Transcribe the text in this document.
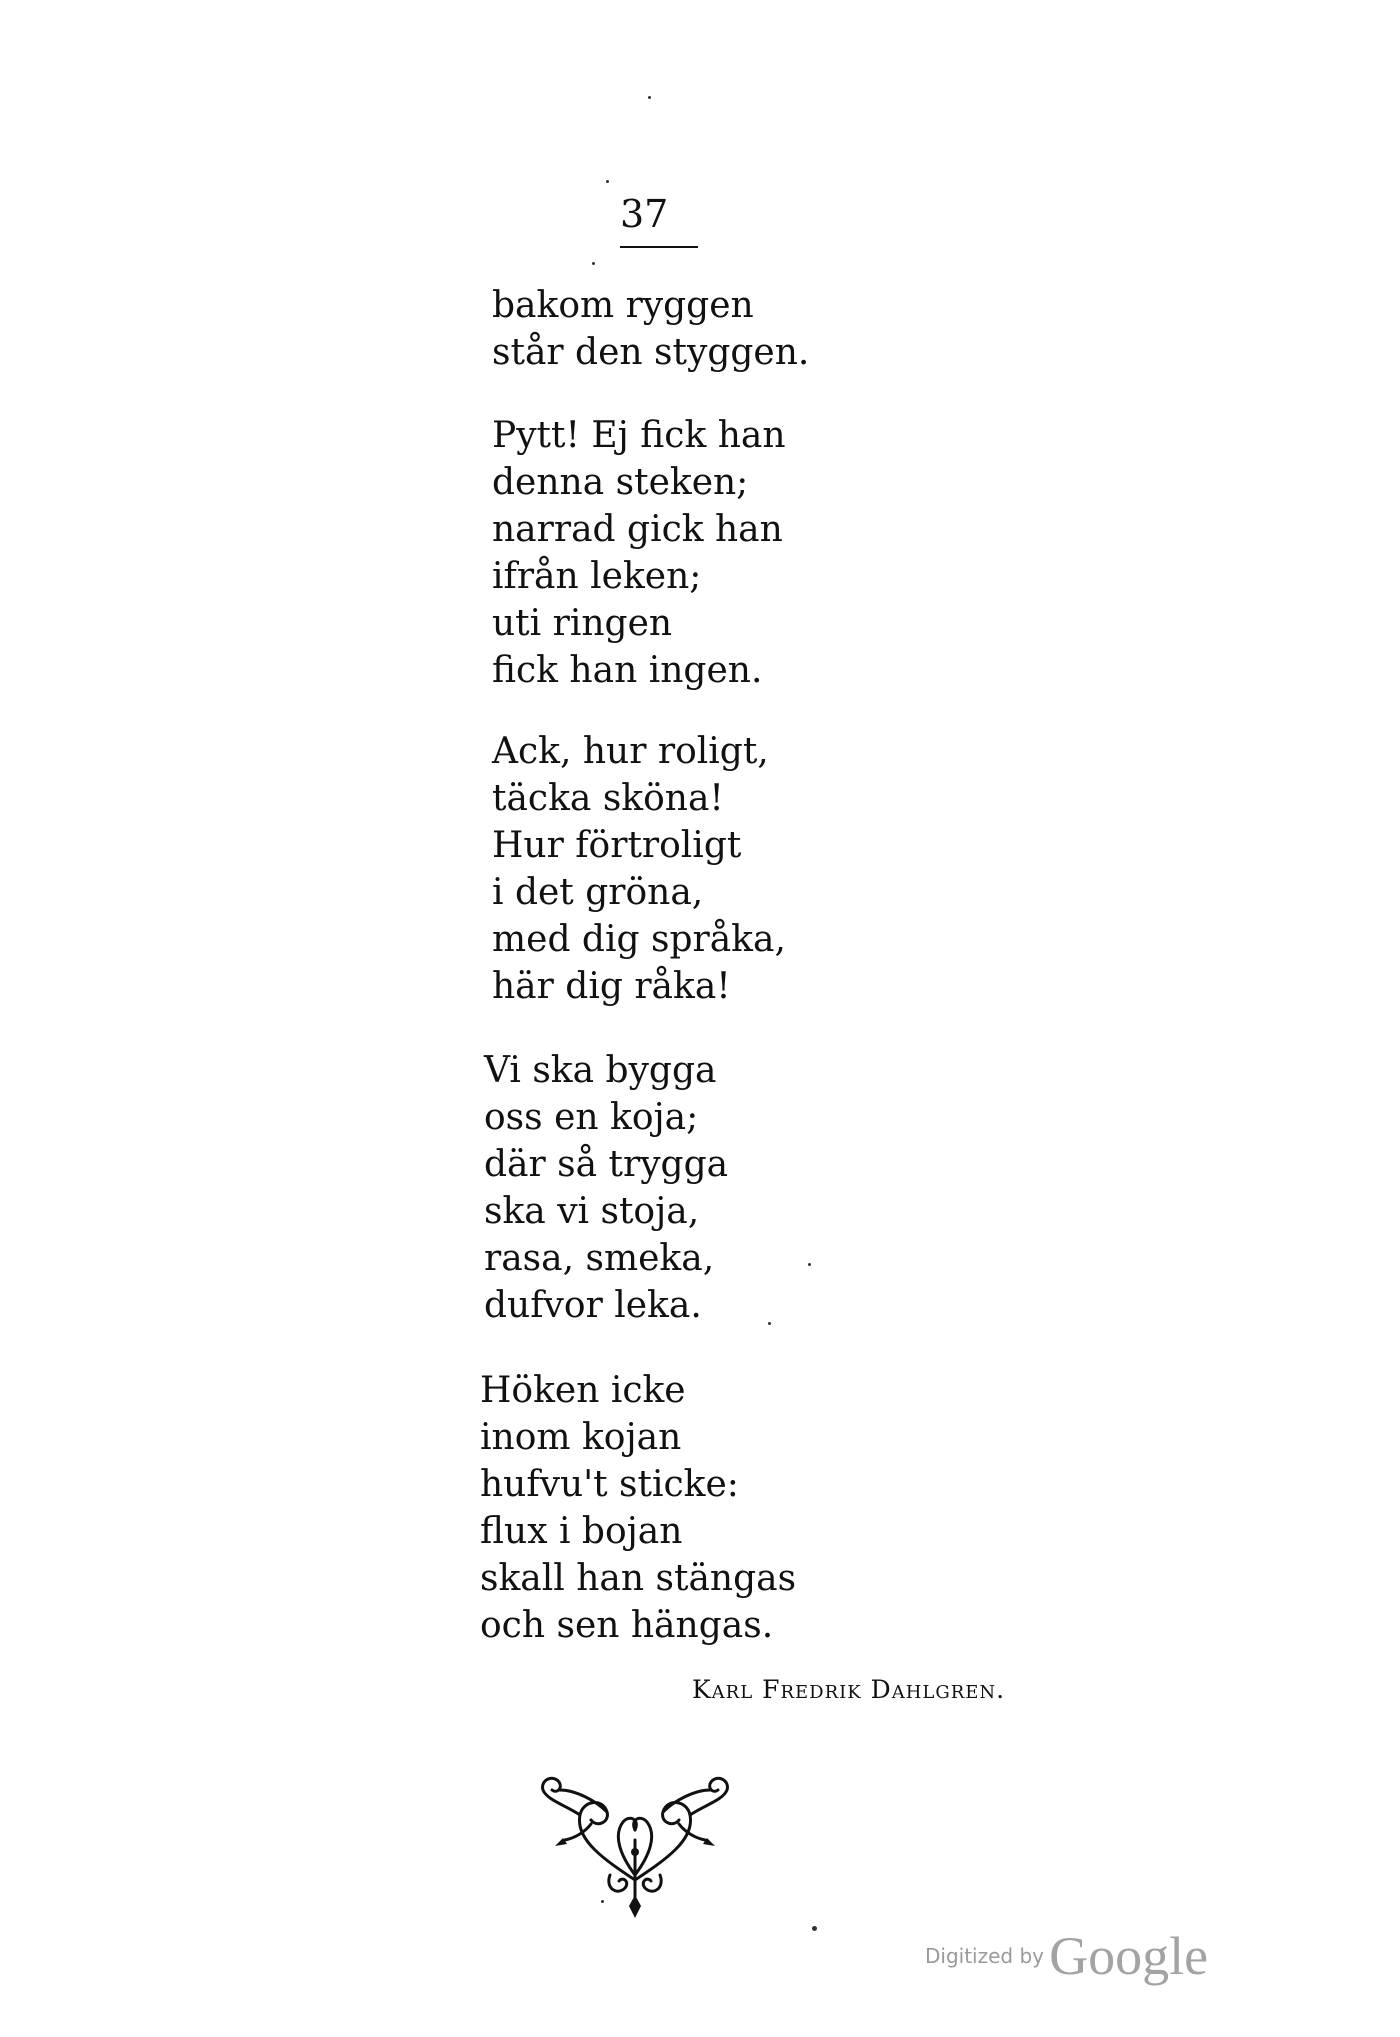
37

bakom ryggen
står den styggen.

Pytt! Ej fick han
denna steken;
narrad gick han
ifrån leken;
uti ringen
fick han ingen.

Ack, hur roligt,
täcka sköna!
Hur förtroligt
i det gröna,
med dig språka,
här dig råka!

Vi ska bygga
oss en koja;
där så trygga
ska vi stoja,
rasa, smeka,
dufvor leka.

Höken icke
inom kojan
hufvu't sticke:
flux i bojan
skall han stängas
och sen hängas.

Karl Fredrik Dahlgren.
Digitized by Google
